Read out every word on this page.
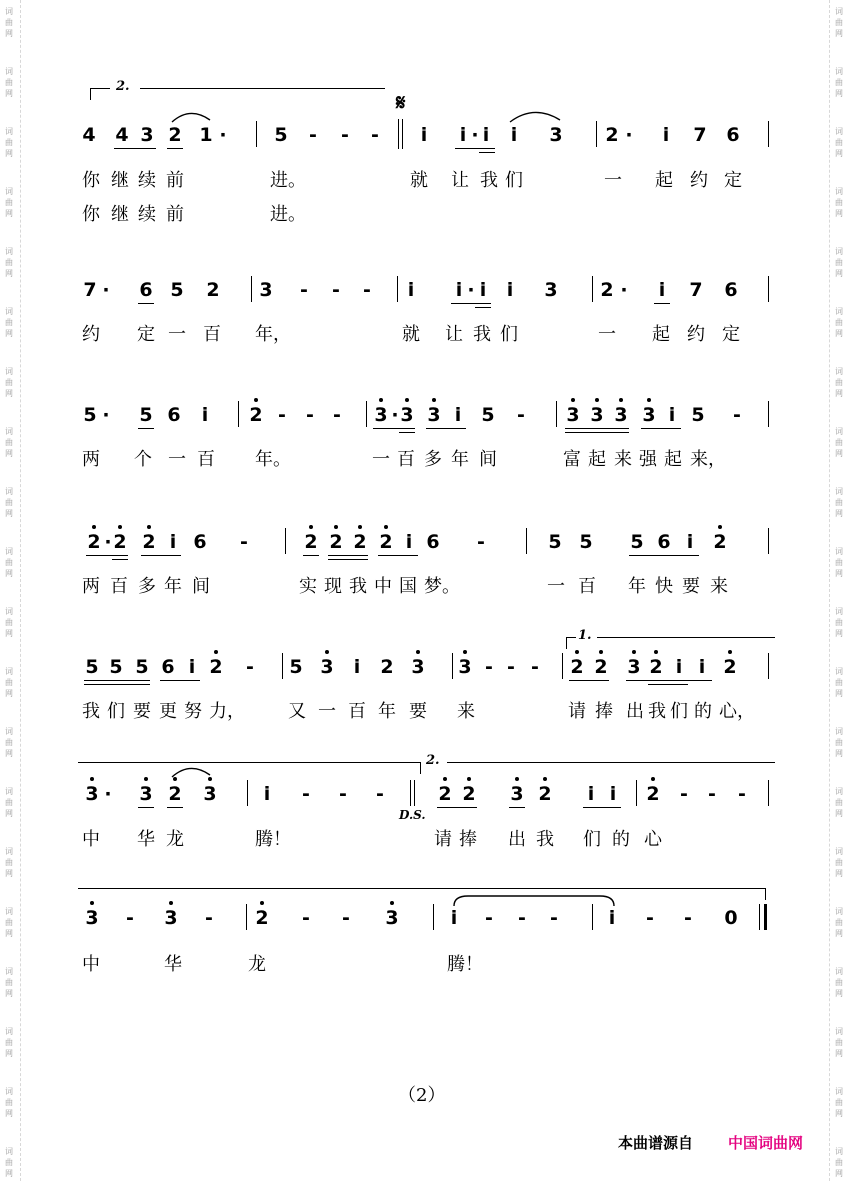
词
曲
网
词
曲
网
词
曲
网
词
曲
网
词
曲
网
词
曲
网
词
曲
网
词
曲
网
词
曲
网
词
曲
网
词
曲
网
词
曲
网
词
曲
网
词
曲
网
词
曲
网
词
曲
网
词
曲
网
词
曲
网
词
曲
网
词
曲
网
词
曲
网
词
曲
网
词
曲
网
词
曲
网
词
曲
网
词
曲
网
词
曲
网
词
曲
网
词
曲
网
词
曲
网
词
曲
网
词
曲
网
词
曲
网
词
曲
网
词
曲
网
词
曲
网
词
曲
网
词
曲
网
词
曲
网
词
曲
网
2.
𝄋
4 4 3 2 1 ·	5 - - - i i · i i 3 2 · i 7 6
你 继 续 前	进。	就 让 我 们	一 起 约 定
你 继 续 前	进。
7 · 6 5 2 3 - - - i i · i i 3 2 · i 7 6
约 定 一 百 年，	就 让 我 们	一 起 约 定
5 · 5 6 i 2 - - - 3 · 3 3 i 5 - 3 3 3 3 i 5 -
两 个 一 百 年。	一 百 多 年 间	富 起 来 强 起 来，
2 · 2 2 i 6 -	2 2 2 2 i 6 -	5 5 5 6 i 2
两 百 多 年 间	实 现 我 中 国 梦。	一 百 年 快 要 来
1.
5 5 5 6 i 2 - 5 3 i 2 3 3 - - - 2 2 3 2 i i 2
我 们 要 更 努 力， 又 一 百 年 要 来	请 捧 出 我 们 的 心，
2.
3 · 3 2 3 i - - -
D.S.
2 2 3 2 i i 2 - - -
中 华 龙	腾！	请 捧 出 我 们 的 心
3 - 3 - 2 - - 3	i - - -	i - - 0
中	华	龙	腾！
（2）
本曲谱源自 中国词曲网
